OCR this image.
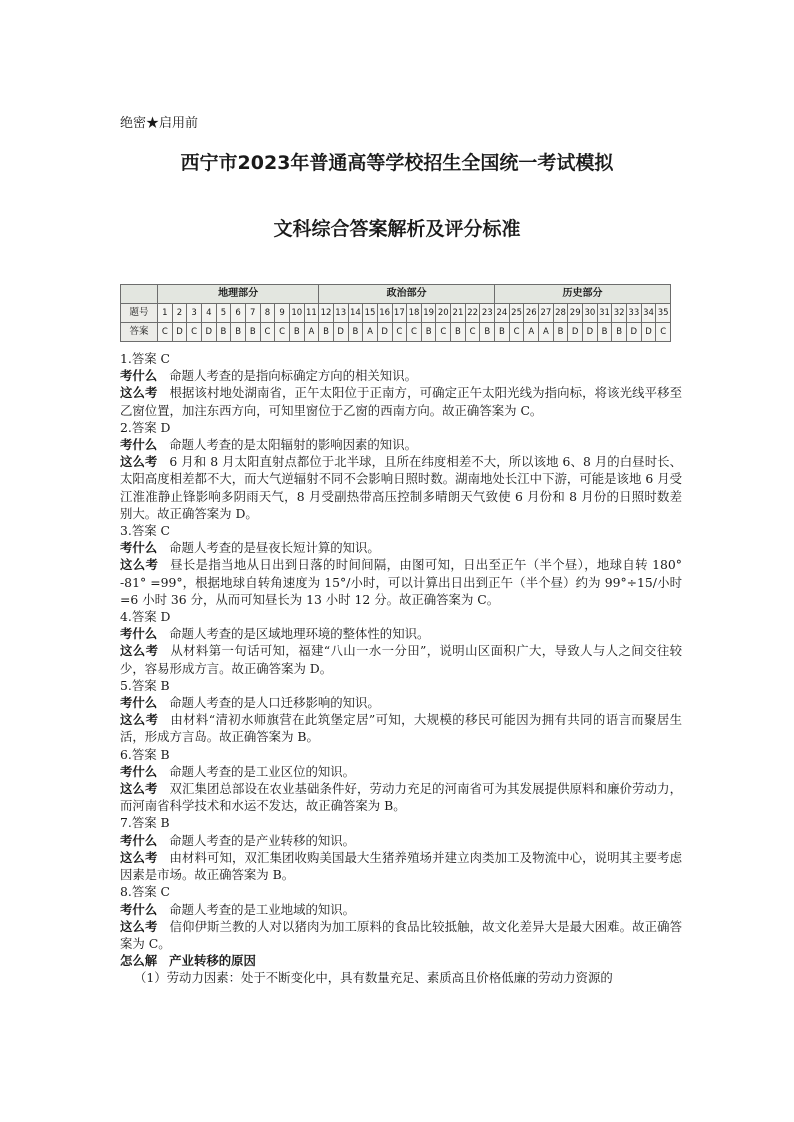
绝密★启用前
西宁市2023年普通高等学校招生全国统一考试模拟
文科综合答案解析及评分标准
	地理部分											政治部分												历史部分											
题号	1	2	3	4	5	6	7	8	9	10	11	12	13	14	15	16	17	18	19	20	21	22	23	24	25	26	27	28	29	30	31	32	33	34	35
答案	C	D	C	D	B	B	B	C	C	B	A	B	D	B	A	D	C	C	B	C	B	C	B	B	C	A	A	B	D	D	B	B	D	D	C
1.答案 C
考什么 命题人考查的是指向标确定方向的相关知识。
这么考 根据该村地处湖南省，正午太阳位于正南方，可确定正午太阳光线为指向标，将该光线平移至乙窗位置，加注东西方向，可知里窗位于乙窗的西南方向。故正确答案为 C。
2.答案 D
考什么 命题人考查的是太阳辐射的影响因素的知识。
这么考 6 月和 8 月太阳直射点都位于北半球，且所在纬度相差不大，所以该地 6、8 月的白昼时长、太阳高度相差都不大，而大气逆辐射不同不会影响日照时数。湖南地处长江中下游，可能是该地 6 月受江淮准静止锋影响多阴雨天气，8 月受副热带高压控制多晴朗天气致使 6 月份和 8 月份的日照时数差别大。故正确答案为 D。
3.答案 C
考什么 命题人考查的是昼夜长短计算的知识。
这么考 昼长是指当地从日出到日落的时间间隔，由图可知，日出至正午（半个昼），地球自转 180° -81° =99°，根据地球自转角速度为 15°/小时，可以计算出日出到正午（半个昼）约为 99°÷15/小时=6 小时 36 分，从而可知昼长为 13 小时 12 分。故正确答案为 C。
4.答案 D
考什么 命题人考查的是区域地理环境的整体性的知识。
这么考 从材料第一句话可知，福建“八山一水一分田”，说明山区面积广大，导致人与人之间交往较少，容易形成方言。故正确答案为 D。
5.答案 B
考什么 命题人考查的是人口迁移影响的知识。
这么考 由材料“清初水师旗营在此筑堡定居”可知，大规模的移民可能因为拥有共同的语言而聚居生活，形成方言岛。故正确答案为 B。
6.答案 B
考什么 命题人考查的是工业区位的知识。
这么考 双汇集团总部设在农业基础条件好，劳动力充足的河南省可为其发展提供原料和廉价劳动力，而河南省科学技术和水运不发达，故正确答案为 B。
7.答案 B
考什么 命题人考查的是产业转移的知识。
这么考 由材料可知，双汇集团收购美国最大生猪养殖场并建立肉类加工及物流中心，说明其主要考虑因素是市场。故正确答案为 B。
8.答案 C
考什么 命题人考查的是工业地域的知识。
这么考 信仰伊斯兰教的人对以猪肉为加工原料的食品比较抵触，故文化差异大是最大困难。故正确答案为 C。
怎么解 产业转移的原因
（1）劳动力因素：处于不断变化中，具有数量充足、素质高且价格低廉的劳动力资源的
